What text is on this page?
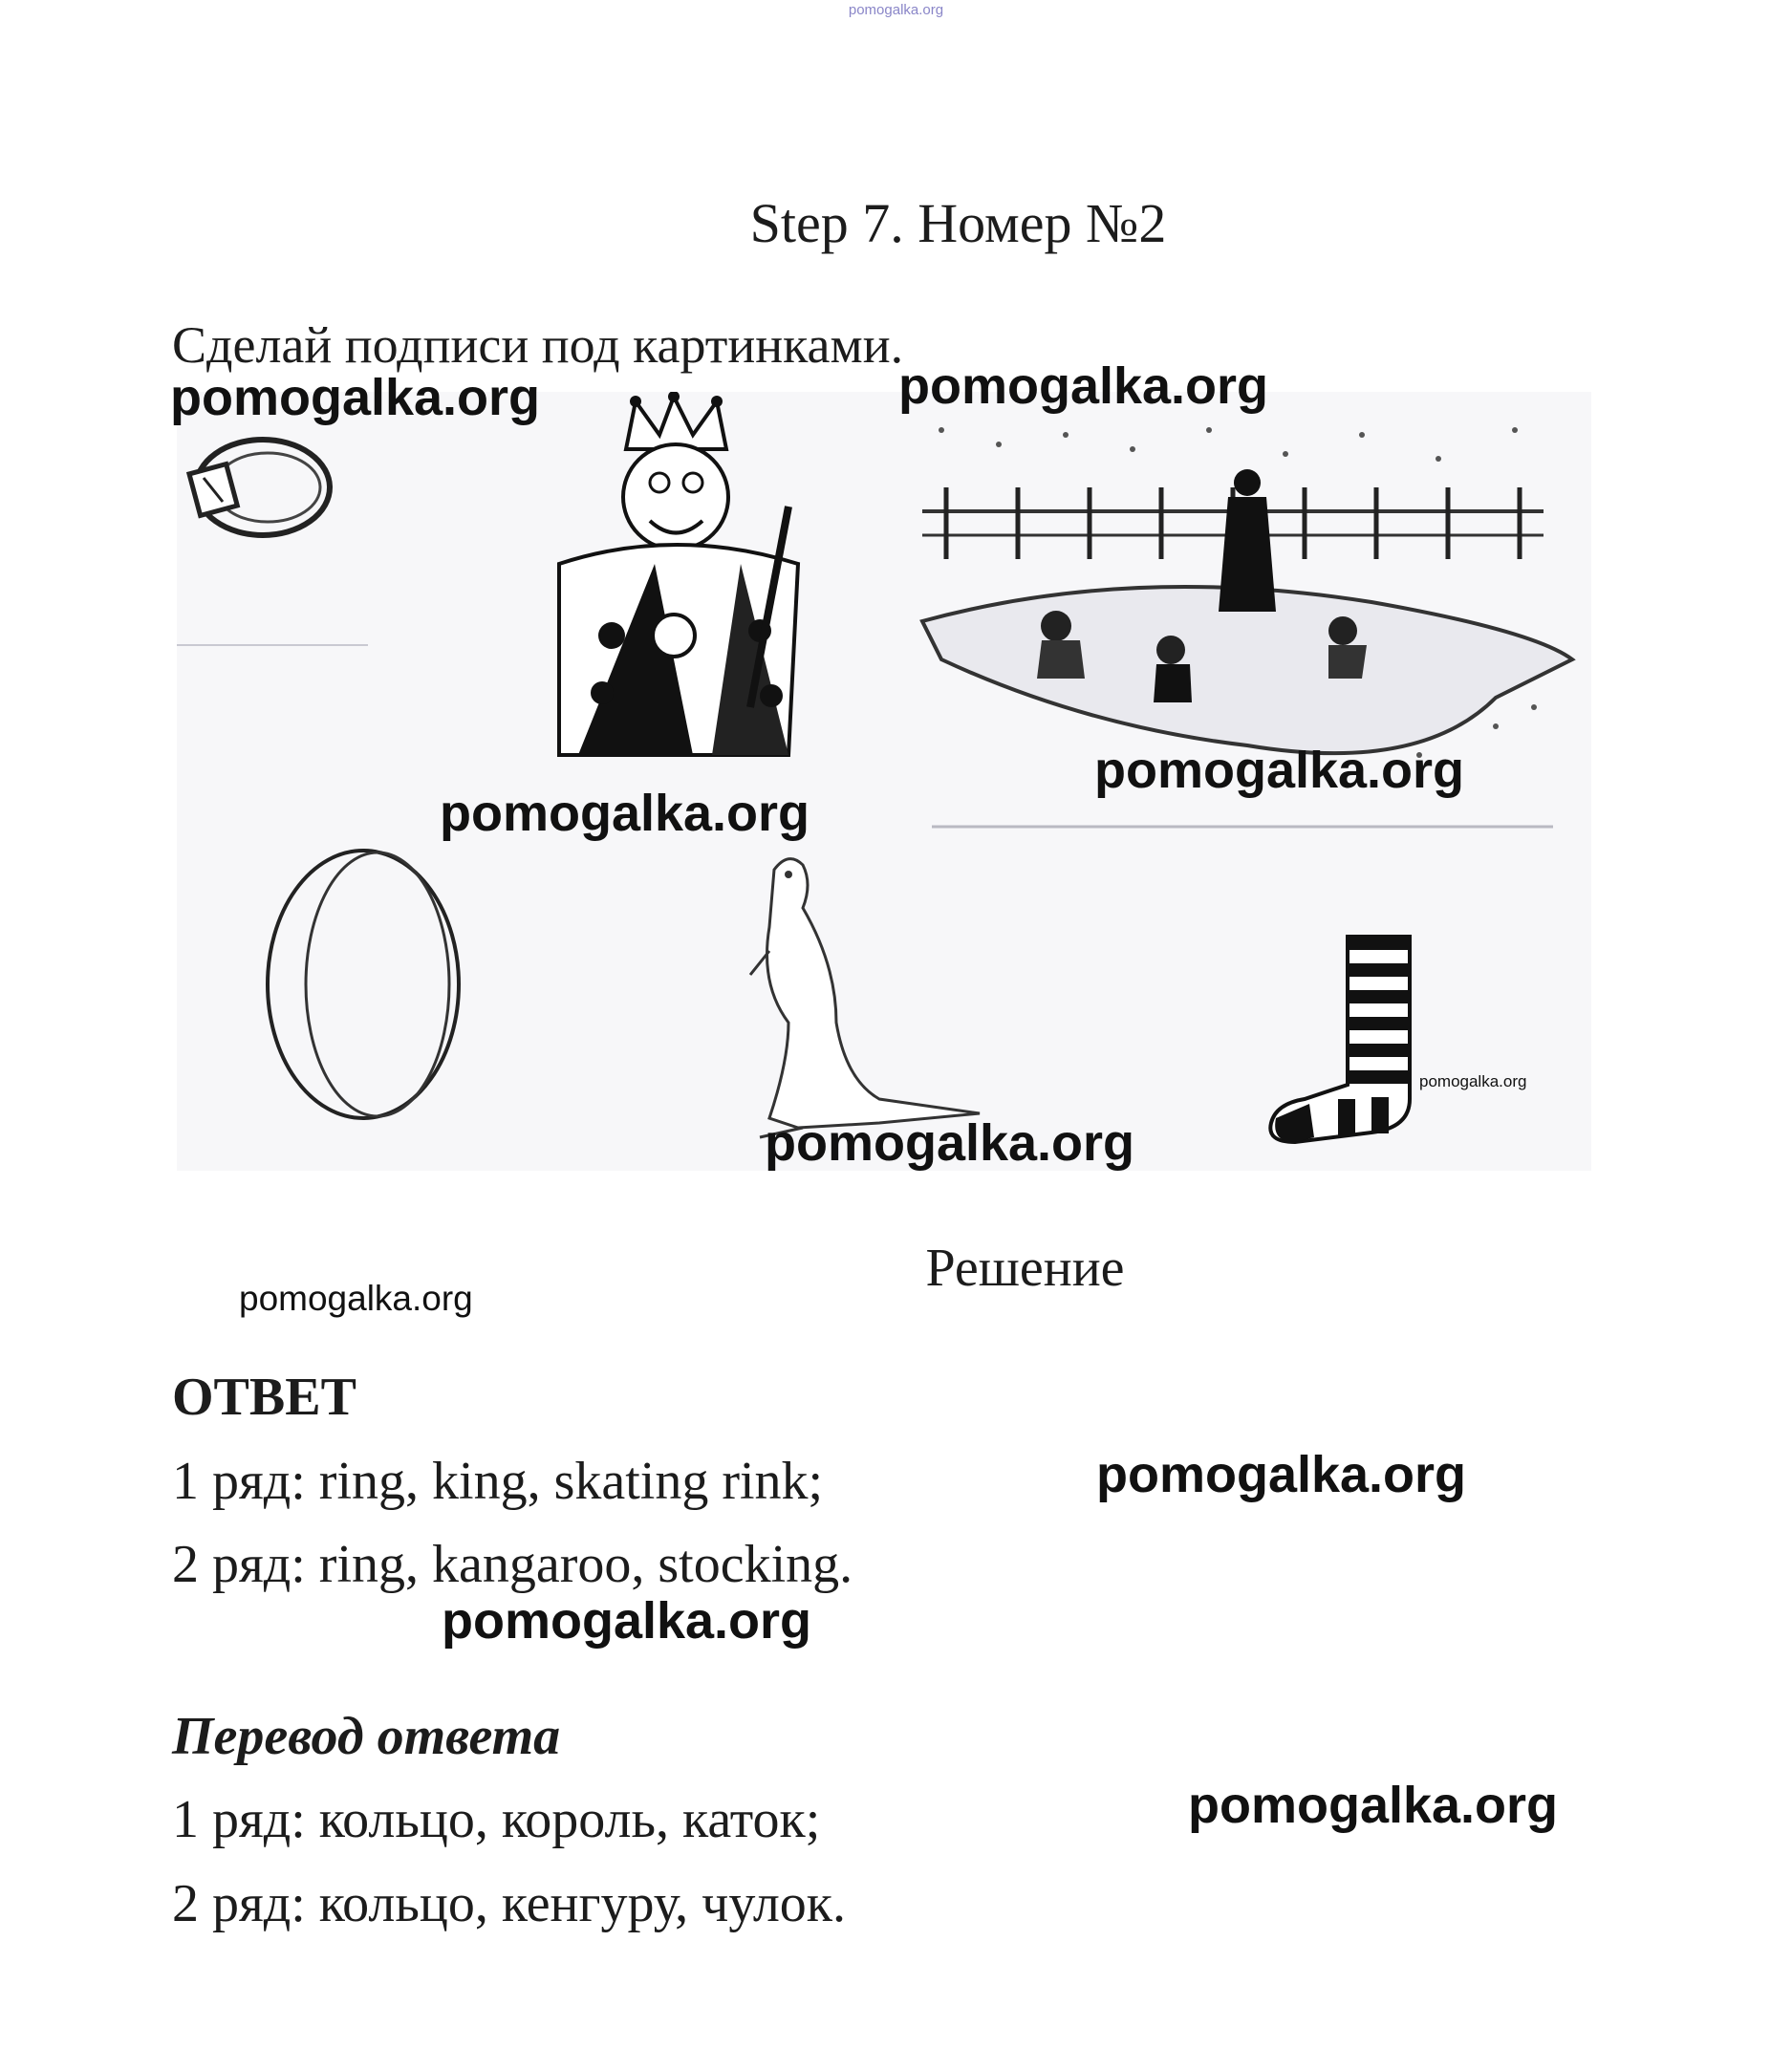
pomogalka.org
Step 7. Номер №2
Сделай подписи под картинками.
pomogalka.org	pomogalka.org
pomogalka.org
pomogalka.org
pomogalka.org
pomogalka.org
pomogalka.org
pomogalka.org
pomogalka.org
pomogalka.org
Решение
ОТВЕТ
1 ряд: ring, king, skating rink;
2 ряд: ring, kangaroo, stocking.
Перевод ответа
1 ряд: кольцо, король, каток;
2 ряд: кольцо, кенгуру, чулок.
